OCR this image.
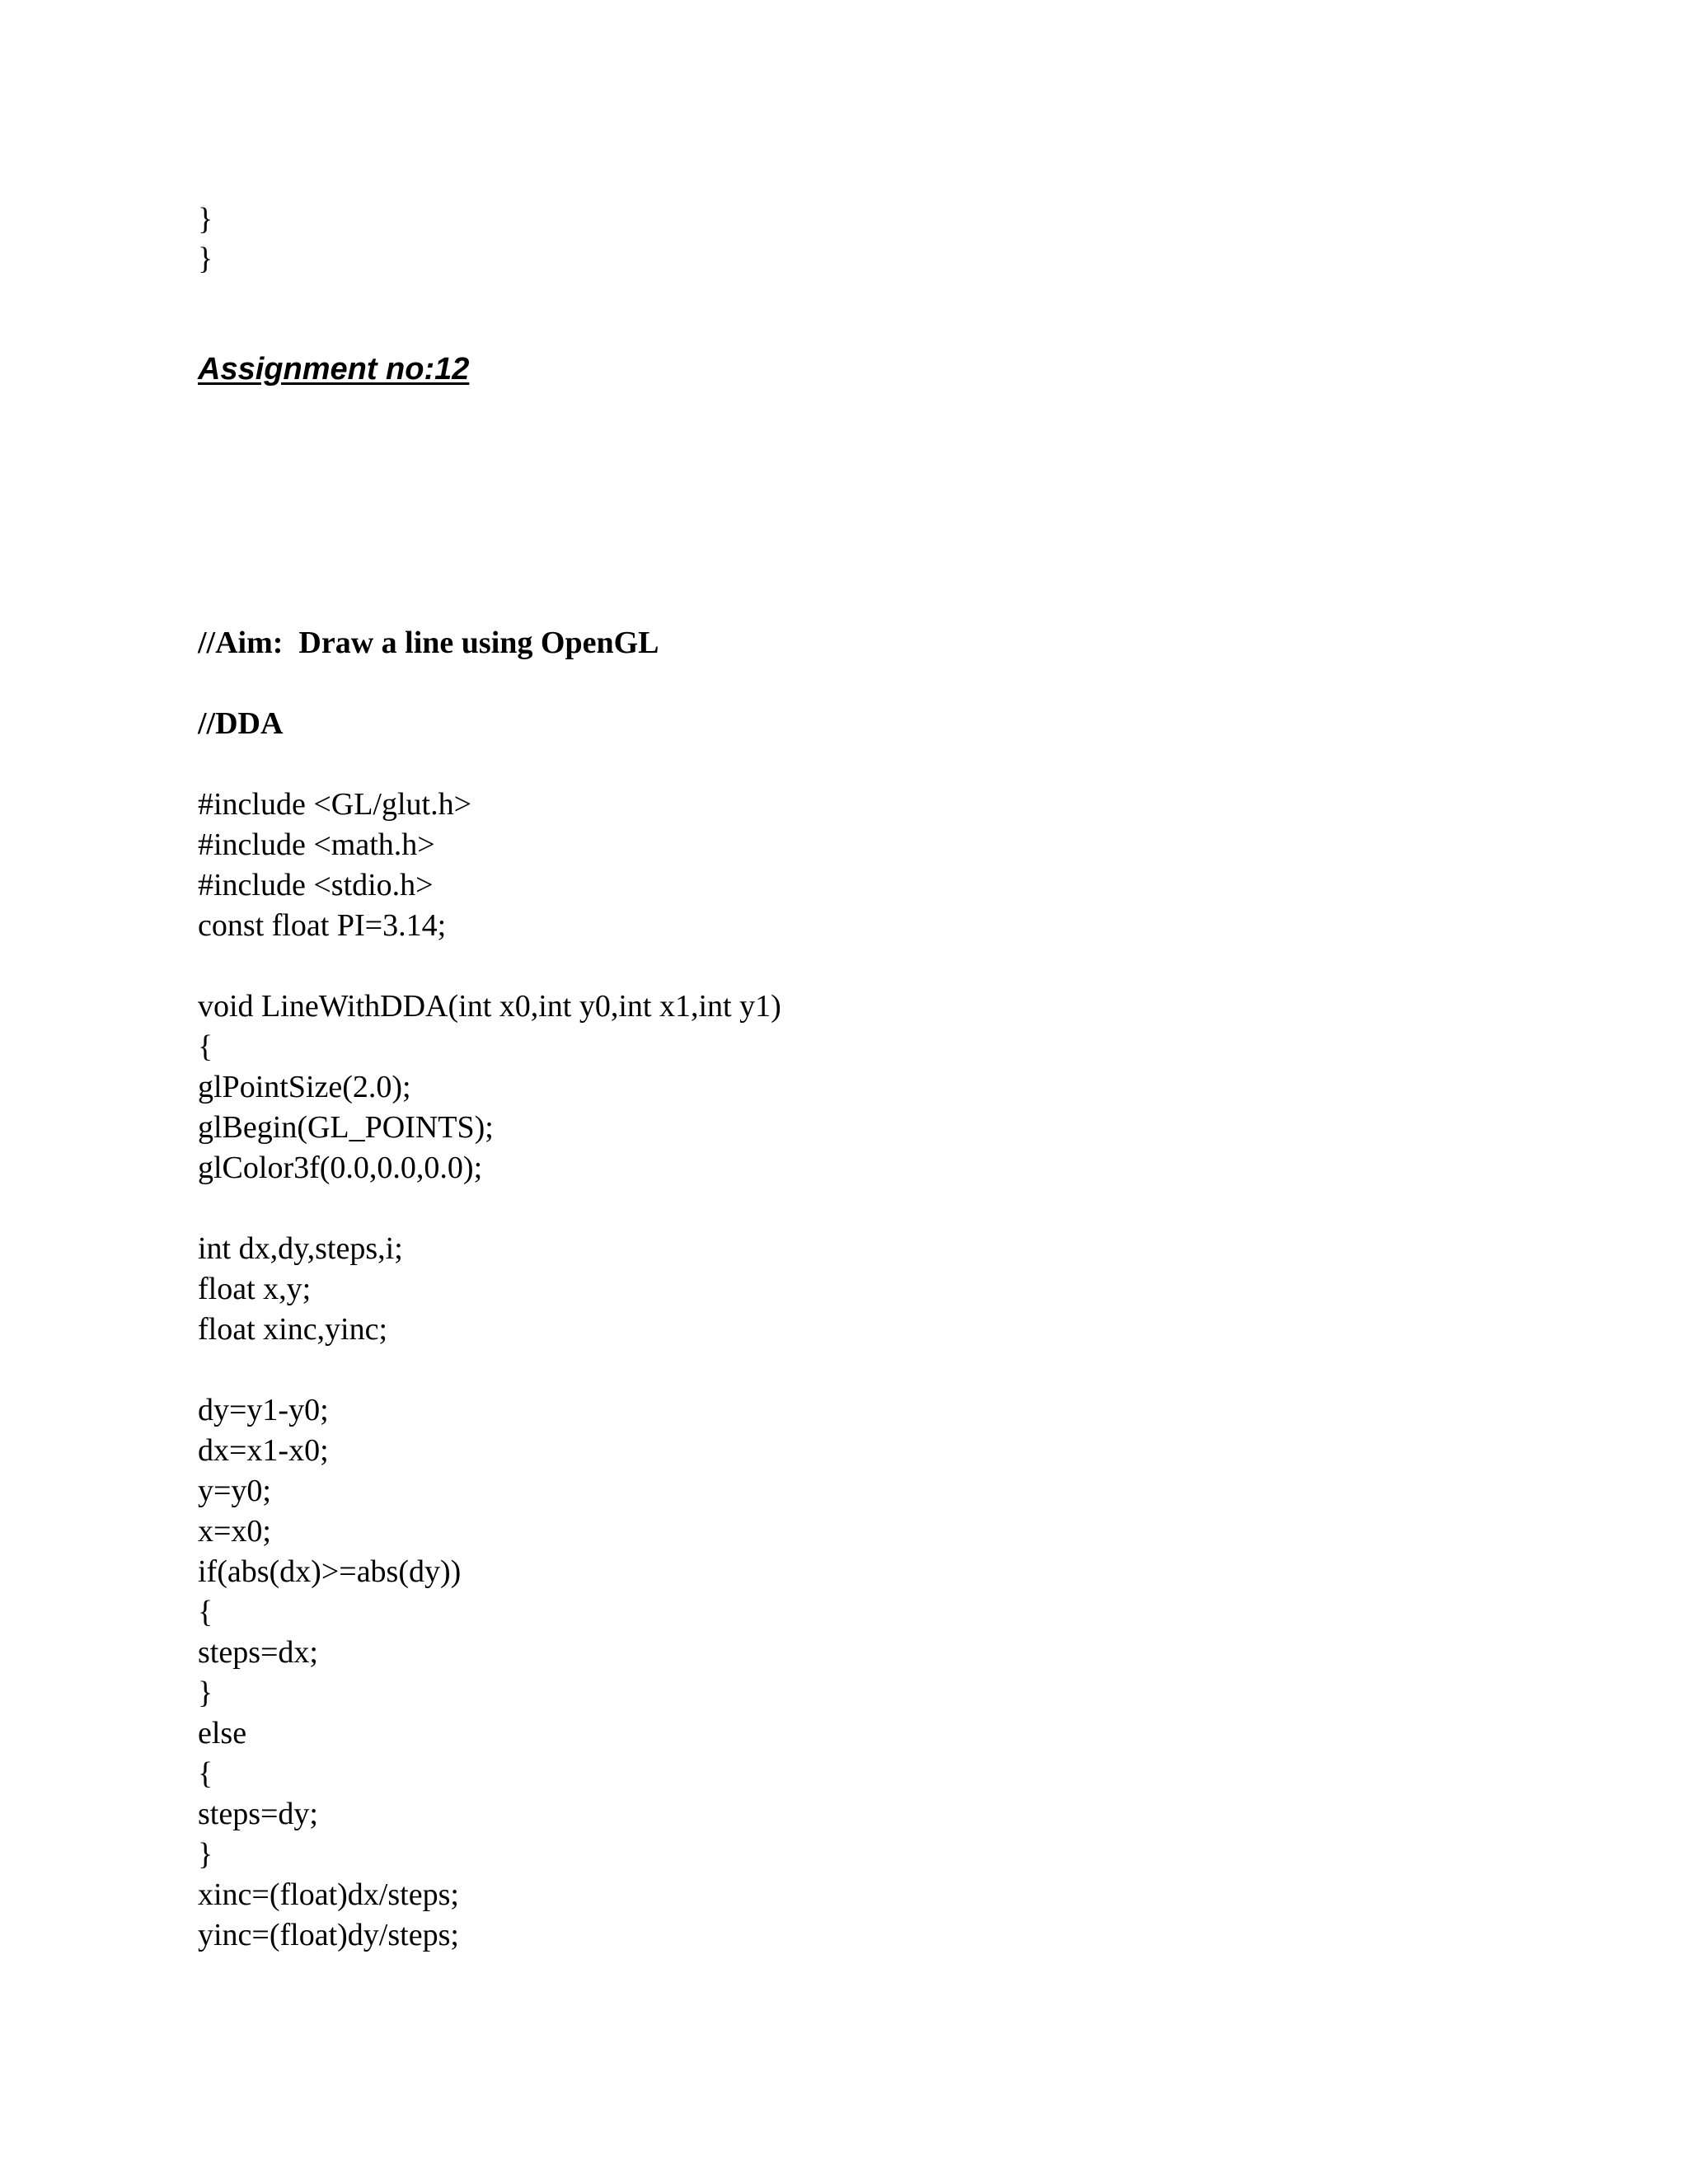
}
}
Assignment no:12
//Aim:  Draw a line using OpenGL
//DDA
#include <GL/glut.h>
#include <math.h>
#include <stdio.h>
const float PI=3.14;
void LineWithDDA(int x0,int y0,int x1,int y1)
{
glPointSize(2.0);
glBegin(GL_POINTS);
glColor3f(0.0,0.0,0.0);
int dx,dy,steps,i;
float x,y;
float xinc,yinc;
dy=y1-y0;
dx=x1-x0;
y=y0;
x=x0;
if(abs(dx)>=abs(dy))
{
steps=dx;
}
else
{
steps=dy;
}
xinc=(float)dx/steps;
yinc=(float)dy/steps;
